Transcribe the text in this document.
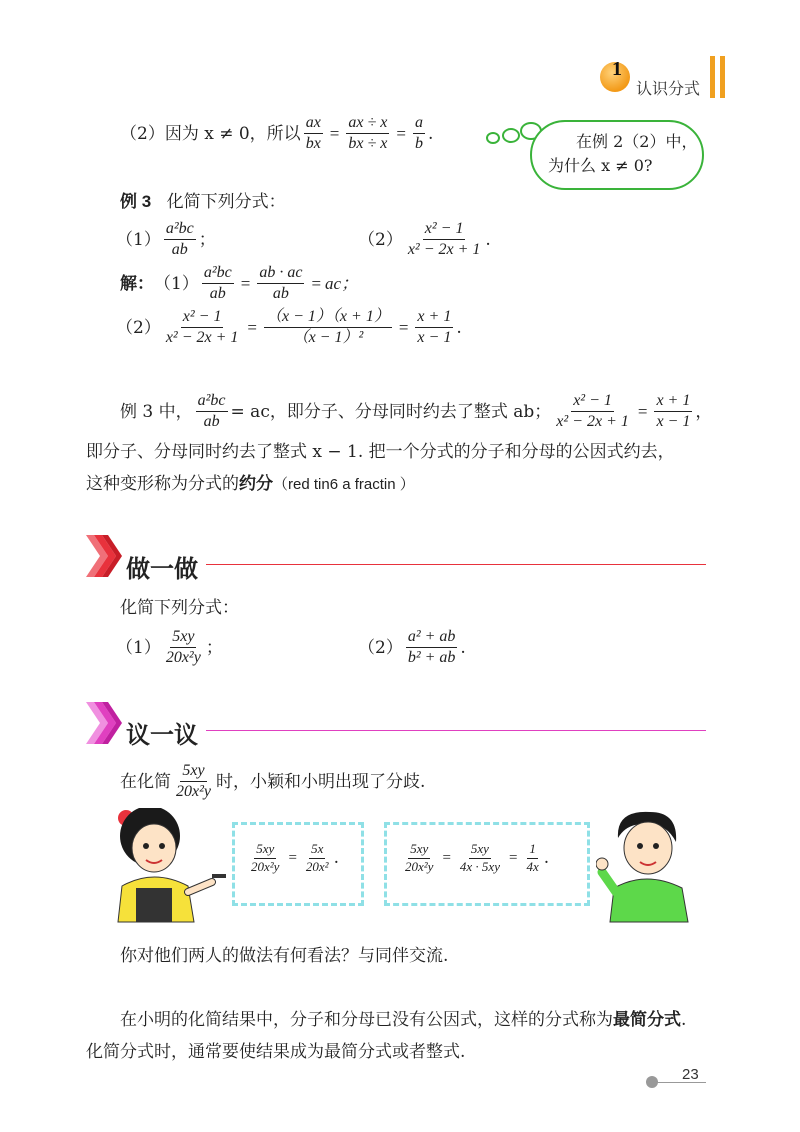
1
认识分式
在例 2（2）中，
为什么 x ≠ 0?
（2）因为 x ≠ 0，所以 $\frac{ax}{bx} = \frac{ax \div x}{bx \div x} = \frac{a}{b}$ .
例 3 化简下列分式：
$(1) \frac{\text{a²bc}}{ab}$ ；	$(2) \frac{\text{x² − 1}}{\text{x² − 2x + 1}}$ .
解： $(1) \frac{\text{a²bc}}{ab} = \frac{ab \cdot ac}{ab}$ = ac；
$(2) \frac{\text{x² − 1}}{\text{x² − 2x + 1}} = \frac{(x - 1)(x + 1)}{\text{（x − 1）²}} = \frac{x + 1}{x - 1}$ .
例 3 中， $\frac{\text{a²bc}}{ab}$ = ac，即分子、分母同时约去了整式 ab； $\frac{\text{x² − 1}}{\text{x² − 2x + 1}} = \frac{x + 1}{x - 1}$ ，
即分子、分母同时约去了整式 x − 1. 把一个分式的分子和分母的公因式约去，
这种变形称为分式的约分（red tin6 a fractin ）
做一做
化简下列分式：
$(1) \frac{5xy}{\text{20x²y}}$ ；	$(2) \frac{\text{a² + ab}}{\text{b² + ab}}$ .
议一议
在化简 $\frac{5xy}{\text{20x²y}}$ 时，小颖和小明出现了分歧.
$\frac{5xy}{\text{20x²y}} = \frac{5x}{\text{20x²}}$ .	$\frac{5xy}{\text{20x²y}} = \frac{5xy}{4x \cdot 5xy} = \frac{1}{4x}$ .
你对他们两人的做法有何看法？与同伴交流.
在小明的化简结果中，分子和分母已没有公因式，这样的分式称为最简分式.
化简分式时，通常要使结果成为最简分式或者整式.
23
